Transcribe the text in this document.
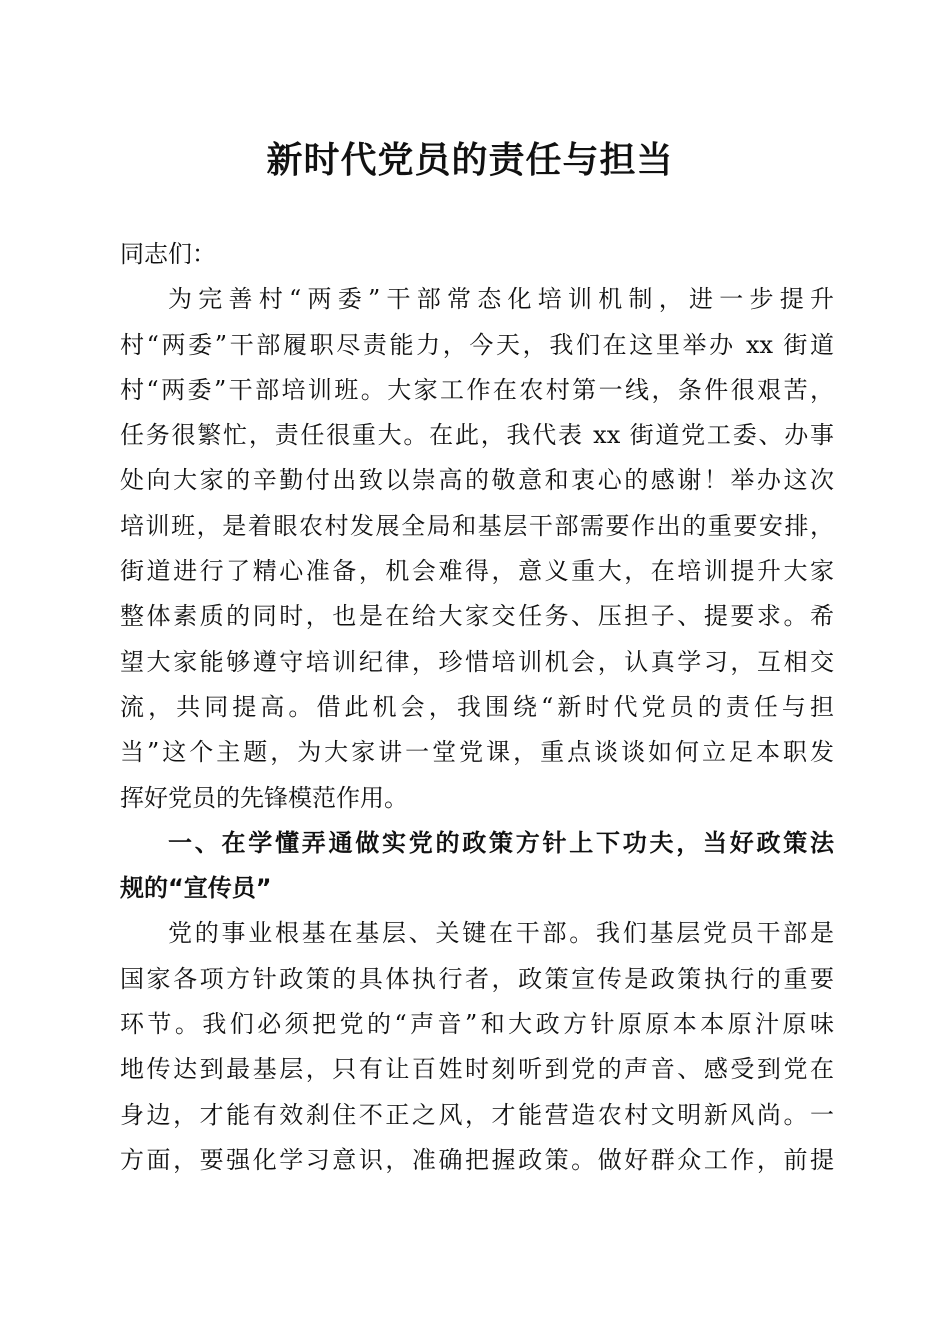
新时代党员的责任与担当
同志们：
为完善村“两委”干部常态化培训机制，进一步提升
村“两委”干部履职尽责能力，今天，我们在这里举办 xx 街道
村“两委”干部培训班。大家工作在农村第一线，条件很艰苦，
任务很繁忙，责任很重大。在此，我代表 xx 街道党工委、办事
处向大家的辛勤付出致以崇高的敬意和衷心的感谢！举办这次
培训班，是着眼农村发展全局和基层干部需要作出的重要安排，
街道进行了精心准备，机会难得，意义重大，在培训提升大家
整体素质的同时，也是在给大家交任务、压担子、提要求。希
望大家能够遵守培训纪律，珍惜培训机会，认真学习，互相交
流，共同提高。借此机会，我围绕“新时代党员的责任与担
当”这个主题，为大家讲一堂党课，重点谈谈如何立足本职发
挥好党员的先锋模范作用。
一、在学懂弄通做实党的政策方针上下功夫，当好政策法
规的“宣传员”
党的事业根基在基层、关键在干部。我们基层党员干部是
国家各项方针政策的具体执行者，政策宣传是政策执行的重要
环节。我们必须把党的“声音”和大政方针原原本本原汁原味
地传达到最基层，只有让百姓时刻听到党的声音、感受到党在
身边，才能有效刹住不正之风，才能营造农村文明新风尚。一
方面，要强化学习意识，准确把握政策。做好群众工作，前提
